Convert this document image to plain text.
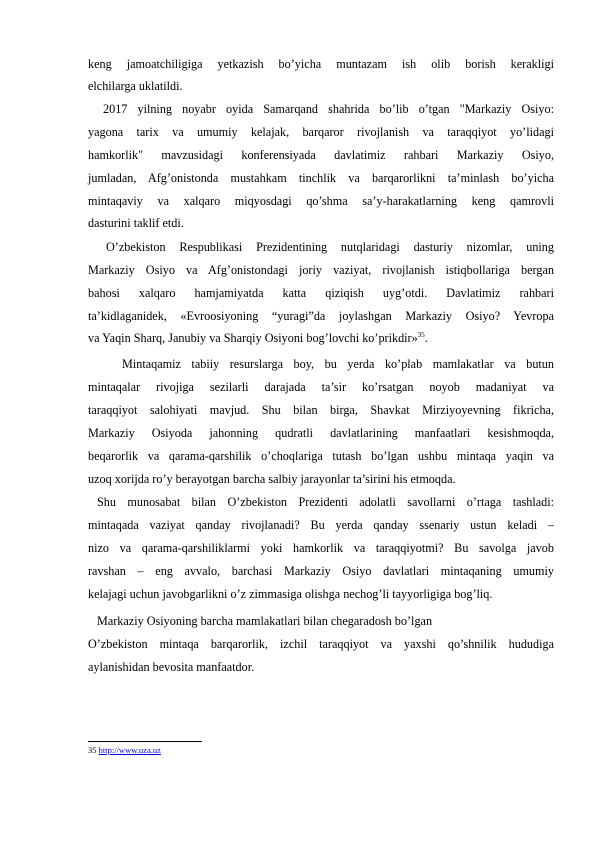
keng jamoatchiligiga yetkazish bo’yicha muntazam ish olib borish kerakligi
elchilarga uklatildi.
2017 yilning noyabr oyida Samarqand shahrida bo’lib o’tgan "Markaziy Osiyo:
yagona tarix va umumiy kelajak, barqaror rivojlanish va taraqqiyot yo’lidagi
hamkorlik" mavzusidagi konferensiyada davlatimiz rahbari Markaziy Osiyo,
jumladan, Afg’onistonda mustahkam tinchlik va barqarorlikni ta’minlash bo’yicha
mintaqaviy va xalqaro miqyosdagi qo’shma sa’y-harakatlarning keng qamrovli
dasturini taklif etdi.
O’zbekiston Respublikasi Prezidentining nutqlaridagi dasturiy nizomlar, uning
Markaziy Osiyo va Afg’onistondagi joriy vaziyat, rivojlanish istiqbollariga bergan
bahosi xalqaro hamjamiyatda katta qiziqish uyg’otdi. Davlatimiz rahbari
ta’kidlaganidek, «Evroosiyoning “yuragi”da joylashgan Markaziy Osiyo? Yevropa
va Yaqin Sharq, Janubiy va Sharqiy Osiyoni bog’lovchi ko’prikdir»$^{35}$.
Mintaqamiz tabiiy resurslarga boy, bu yerda ko’plab mamlakatlar va butun
mintaqalar rivojiga sezilarli darajada ta’sir ko’rsatgan noyob madaniyat va
taraqqiyot salohiyati mavjud. Shu bilan birga, Shavkat Mirziyoyevning fikricha,
Markaziy Osiyoda jahonning qudratli davlatlarining manfaatlari kesishmoqda,
beqarorlik va qarama-qarshilik o’choqlariga tutash bo’lgan ushbu mintaqa yaqin va
uzoq xorijda ro’y berayotgan barcha salbiy jarayonlar ta’sirini his etmoqda.
Shu munosabat bilan O’zbekiston Prezidenti adolatli savollarni o’rtaga tashladi:
mintaqada vaziyat qanday rivojlanadi? Bu yerda qanday ssenariy ustun keladi –
nizo va qarama-qarshiliklarmi yoki hamkorlik va taraqqiyotmi? Bu savolga javob
ravshan – eng avvalo, barchasi Markaziy Osiyo davlatlari mintaqaning umumiy
kelajagi uchun javobgarlikni o’z zimmasiga olishga nechog’li tayyorligiga bog’liq.
Markaziy Osiyoning barcha mamlakatlari bilan chegaradosh bo’lgan
O’zbekiston mintaqa barqarorlik, izchil taraqqiyot va yaxshi qo’shnilik hududiga
aylanishidan bevosita manfaatdor.
35 http://www.uza.uz
